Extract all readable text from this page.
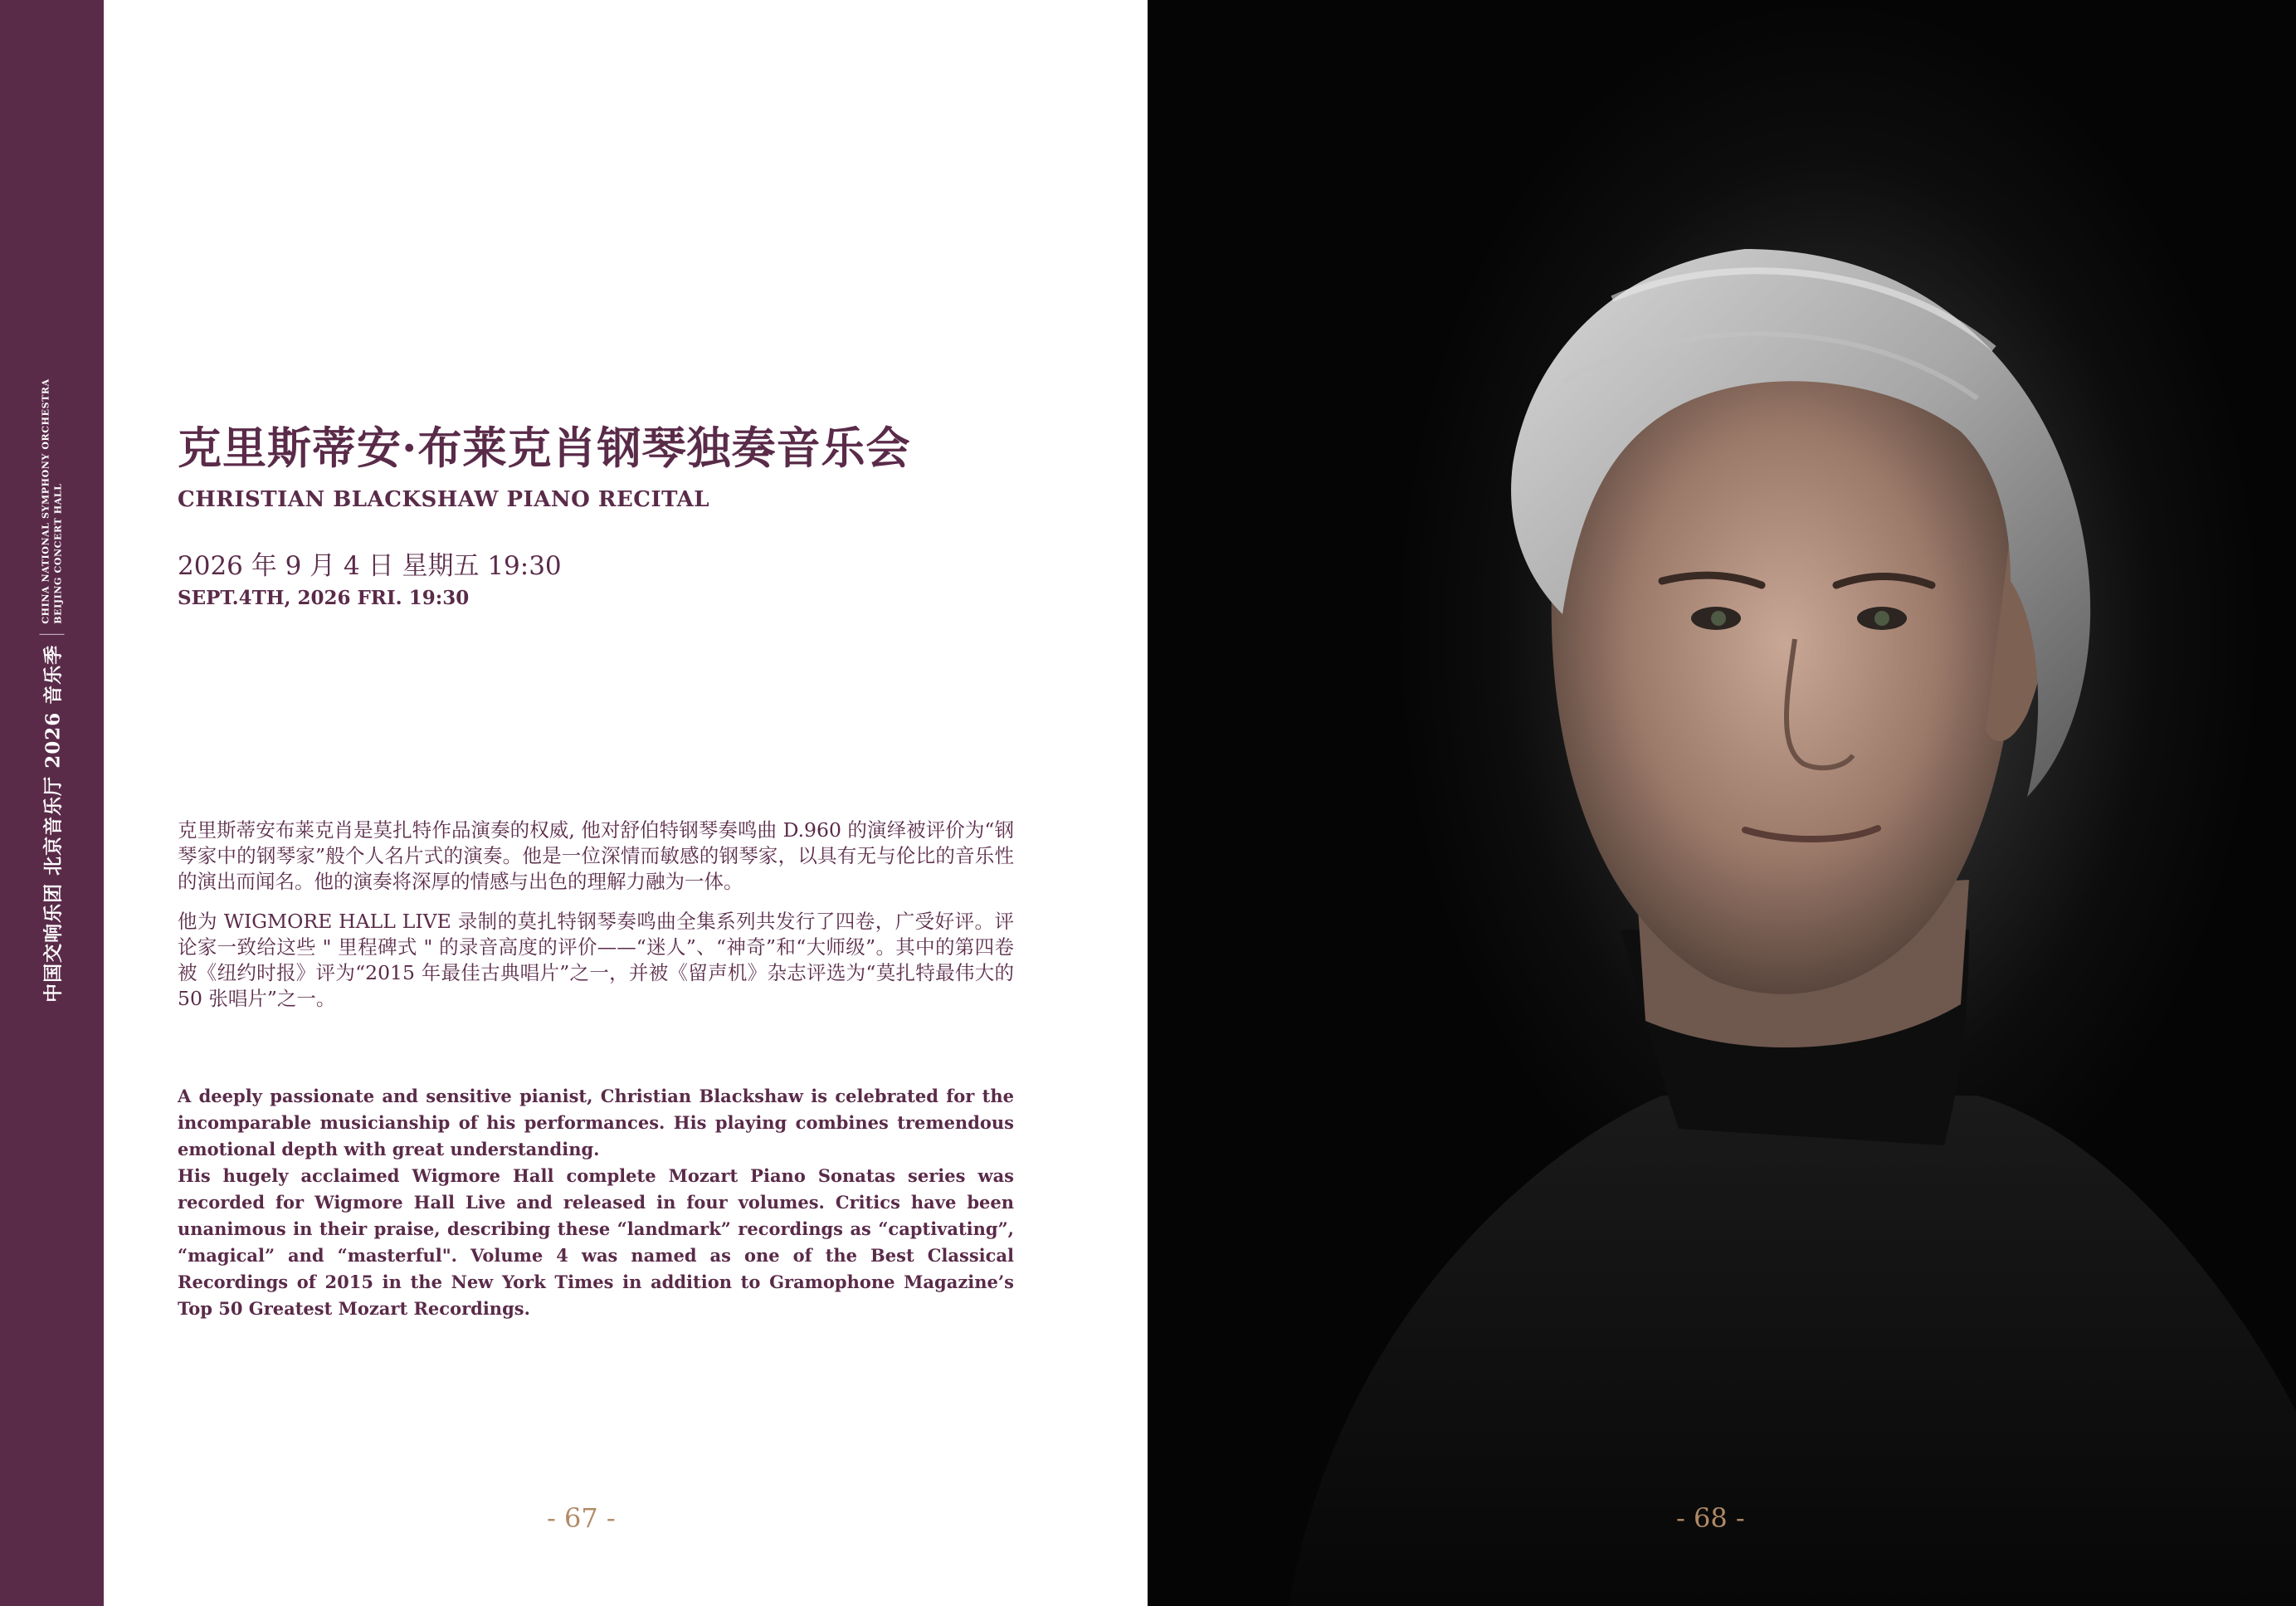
中国交响乐团 北京音乐厅 2026 音乐季
CHINA NATIONAL SYMPHONY ORCHESTRA BEIJING CONCERT HALL
克里斯蒂安·布莱克肖钢琴独奏音乐会
CHRISTIAN BLACKSHAW PIANO RECITAL
2026 年 9 月 4 日 星期五 19:30
SEPT.4TH, 2026 FRI. 19:30

克里斯蒂安布莱克肖是莫扎特作品演奏的权威, 他对舒伯特钢琴奏鸣曲 D.960 的演绎被评价为“钢琴家中的钢琴家”般个人名片式的演奏。他是一位深情而敏感的钢琴家，以具有无与伦比的音乐性的演出而闻名。他的演奏将深厚的情感与出色的理解力融为一体。

他为 WIGMORE HALL LIVE 录制的莫扎特钢琴奏鸣曲全集系列共发行了四卷，广受好评。评论家一致给这些 " 里程碑式 " 的录音高度的评价——“迷人”、“神奇”和“大师级”。其中的第四卷被《纽约时报》评为“2015 年最佳古典唱片”之一，并被《留声机》杂志评选为“莫扎特最伟大的 50 张唱片”之一。

A deeply passionate and sensitive pianist, Christian Blackshaw is celebrated for the incomparable musicianship of his performances. His playing combines tremendous emotional depth with great understanding.

His hugely acclaimed Wigmore Hall complete Mozart Piano Sonatas series was recorded for Wigmore Hall Live and released in four volumes. Critics have been unanimous in their praise, describing these “landmark” recordings as “captivating”, “magical” and “masterful". Volume 4 was named as one of the Best Classical Recordings of 2015 in the New York Times in addition to Gramophone Magazine’s Top 50 Greatest Mozart Recordings.

- 67 -	- 68 -
